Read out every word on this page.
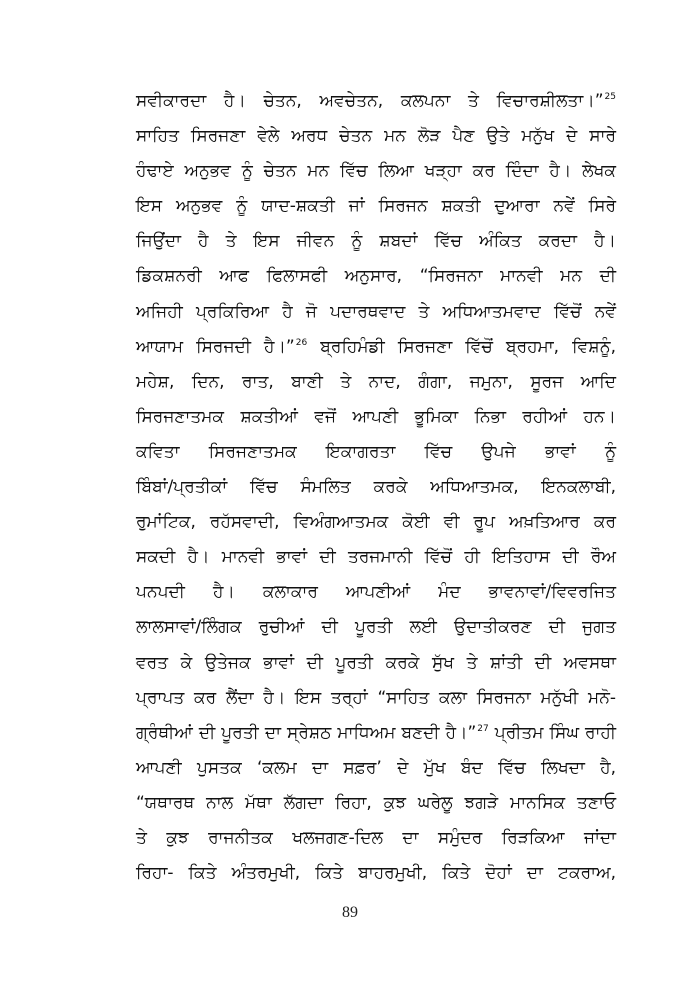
ਸਵੀਕਾਰਦਾ ਹੈ। ਚੇਤਨ, ਅਵਚੇਤਨ, ਕਲਪਨਾ ਤੇ ਵਿਚਾਰਸ਼ੀਲਤਾ।”$^{25}$
ਸਾਹਿਤ ਸਿਰਜਣਾ ਵੇਲੇ ਅਰਧ ਚੇਤਨ ਮਨ ਲੋੜ ਪੈਣ ਉਤੇ ਮਨੁੱਖ ਦੇ ਸਾਰੇ
ਹੰਢਾਏ ਅਨੁਭਵ ਨੂੰ ਚੇਤਨ ਮਨ ਵਿੱਚ ਲਿਆ ਖੜ੍ਹਾ ਕਰ ਦਿੰਦਾ ਹੈ। ਲੇਖਕ
ਇਸ ਅਨੁਭਵ ਨੂੰ ਯਾਦ-ਸ਼ਕਤੀ ਜਾਂ ਸਿਰਜਨ ਸ਼ਕਤੀ ਦੁਆਰਾ ਨਵੇਂ ਸਿਰੇ
ਜਿਉਂਦਾ ਹੈ ਤੇ ਇਸ ਜੀਵਨ ਨੂੰ ਸ਼ਬਦਾਂ ਵਿੱਚ ਅੰਕਿਤ ਕਰਦਾ ਹੈ।
ਡਿਕਸ਼ਨਰੀ ਆਫ ਫਿਲਾਸਫੀ ਅਨੁਸਾਰ, “ਸਿਰਜਨਾ ਮਾਨਵੀ ਮਨ ਦੀ
ਅਜਿਹੀ ਪ੍ਰਕਿਰਿਆ ਹੈ ਜੋ ਪਦਾਰਥਵਾਦ ਤੇ ਅਧਿਆਤਮਵਾਦ ਵਿੱਚੋਂ ਨਵੇਂ
ਆਯਾਮ ਸਿਰਜਦੀ ਹੈ।”$^{26}$ ਬ੍ਰਹਿਮੰਡੀ ਸਿਰਜਣਾ ਵਿੱਚੋਂ ਬ੍ਰਹਮਾ, ਵਿਸ਼ਨੂੰ,
ਮਹੇਸ਼, ਦਿਨ, ਰਾਤ, ਬਾਣੀ ਤੇ ਨਾਦ, ਗੰਗਾ, ਜਮੁਨਾ, ਸੂਰਜ ਆਦਿ
ਸਿਰਜਣਾਤਮਕ ਸ਼ਕਤੀਆਂ ਵਜੋਂ ਆਪਣੀ ਭੂਮਿਕਾ ਨਿਭਾ ਰਹੀਆਂ ਹਨ।
ਕਵਿਤਾ ਸਿਰਜਣਾਤਮਕ ਇਕਾਗਰਤਾ ਵਿੱਚ ਉਪਜੇ ਭਾਵਾਂ ਨੂੰ
ਬਿੰਬਾਂ/ਪ੍ਰਤੀਕਾਂ ਵਿੱਚ ਸੰਮਲਿਤ ਕਰਕੇ ਅਧਿਆਤਮਕ, ਇਨਕਲਾਬੀ,
ਰੁਮਾਂਟਿਕ, ਰਹੱਸਵਾਦੀ, ਵਿਅੰਗਆਤਮਕ ਕੋਈ ਵੀ ਰੂਪ ਅਖ਼ਤਿਆਰ ਕਰ
ਸਕਦੀ ਹੈ। ਮਾਨਵੀ ਭਾਵਾਂ ਦੀ ਤਰਜਮਾਨੀ ਵਿੱਚੋਂ ਹੀ ਇਤਿਹਾਸ ਦੀ ਰੌਅ
ਪਨਪਦੀ ਹੈ। ਕਲਾਕਾਰ ਆਪਣੀਆਂ ਮੰਦ ਭਾਵਨਾਵਾਂ/ਵਿਵਰਜਿਤ
ਲਾਲਸਾਵਾਂ/ਲਿੰਗਕ ਰੁਚੀਆਂ ਦੀ ਪੂਰਤੀ ਲਈ ਉਦਾਤੀਕਰਣ ਦੀ ਜੁਗਤ
ਵਰਤ ਕੇ ਉਤੇਜਕ ਭਾਵਾਂ ਦੀ ਪੂਰਤੀ ਕਰਕੇ ਸੁੱਖ ਤੇ ਸ਼ਾਂਤੀ ਦੀ ਅਵਸਥਾ
ਪ੍ਰਾਪਤ ਕਰ ਲੈਂਦਾ ਹੈ। ਇਸ ਤਰ੍ਹਾਂ “ਸਾਹਿਤ ਕਲਾ ਸਿਰਜਨਾ ਮਨੁੱਖੀ ਮਨੋ-
ਗ੍ਰੰਥੀਆਂ ਦੀ ਪੂਰਤੀ ਦਾ ਸ੍ਰੇਸ਼ਠ ਮਾਧਿਅਮ ਬਣਦੀ ਹੈ।”$^{27}$ ਪ੍ਰੀਤਮ ਸਿੰਘ ਰਾਹੀ
ਆਪਣੀ ਪੁਸਤਕ ‘ਕਲਮ ਦਾ ਸਫ਼ਰ’ ਦੇ ਮੁੱਖ ਬੰਦ ਵਿੱਚ ਲਿਖਦਾ ਹੈ,
“ਯਥਾਰਥ ਨਾਲ ਮੱਥਾ ਲੱਗਦਾ ਰਿਹਾ, ਕੁਝ ਘਰੇਲੂ ਝਗੜੇ ਮਾਨਸਿਕ ਤਣਾਓ
ਤੇ ਕੁਝ ਰਾਜਨੀਤਕ ਖਲਜਗਣ-ਦਿਲ ਦਾ ਸਮੁੰਦਰ ਰਿੜਕਿਆ ਜਾਂਦਾ
ਰਿਹਾ- ਕਿਤੇ ਅੰਤਰਮੁਖੀ, ਕਿਤੇ ਬਾਹਰਮੁਖੀ, ਕਿਤੇ ਦੋਹਾਂ ਦਾ ਟਕਰਾਅ,
89
